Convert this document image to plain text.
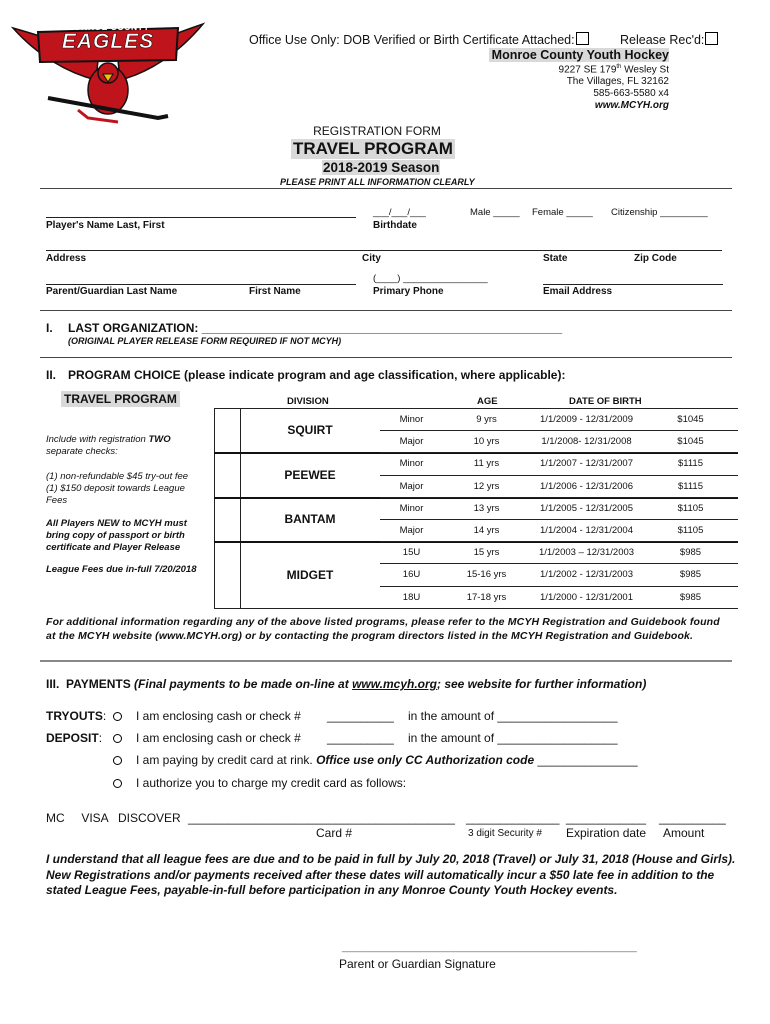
MONROE COUNTY
EAGLES	Office Use Only: DOB Verified or Birth Certificate Attached:	Release Rec'd:
Monroe County Youth Hockey
9227 SE 179th Wesley St
The Villages, FL 32162
585-663-5580 x4
www.MCYH.org
REGISTRATION FORM
TRAVEL PROGRAM
2018-2019 Season
PLEASE PRINT ALL INFORMATION CLEARLY
___/___/___	Male _____ Female _____ Citizenship _________
Player's Name Last, First	Birthdate
Address	City	State	Zip Code
(____) ________________
Parent/Guardian Last Name	First Name	Primary Phone	Email Address
I. LAST ORGANIZATION: ______________________________________________________
(ORIGINAL PLAYER RELEASE FORM REQUIRED IF NOT MCYH)
II. PROGRAM CHOICE (please indicate program and age classification, where applicable):
TRAVEL PROGRAM	DIVISION	AGE	DATE OF BIRTH
Include with registration TWO separate checks:
(1) non-refundable $45 try-out fee
(1) $150 deposit towards League Fees
All Players NEW to MCYH must bring copy of passport or birth certificate and Player Release
League Fees due in-full 7/20/2018
SQUIRT
PEEWEE
BANTAM
MIDGET
Minor	9 yrs	1/1/2009 - 12/31/2009	$1045
Major	10 yrs	1/1/2008- 12/31/2008	$1045
Minor	11 yrs	1/1/2007 - 12/31/2007	$1115
Major	12 yrs	1/1/2006 - 12/31/2006	$1115
Minor	13 yrs	1/1/2005 - 12/31/2005	$1105
Major	14 yrs	1/1/2004 - 12/31/2004	$1105
15U	15 yrs	1/1/2003 – 12/31/2003	$985
16U	15-16 yrs	1/1/2002 - 12/31/2003	$985
18U	17-18 yrs	1/1/2000 - 12/31/2001	$985
For additional information regarding any of the above listed programs, please refer to the MCYH Registration and Guidebook found at the MCYH website (www.MCYH.org) or by contacting the program directors listed in the MCYH Registration and Guidebook.
III. PAYMENTS (Final payments to be made on-line at www.mcyh.org; see website for further information)
TRYOUTS: I am enclosing cash or check # __________ in the amount of __________________
DEPOSIT:	I am enclosing cash or check # __________ in the amount of __________________
I am paying by credit card at rink. Office use only CC Authorization code _______________
I authorize you to charge my credit card as follows:
MC     VISA   DISCOVER ________________________________________ ______________ ____________ __________
Card #	3 digit Security # Expiration date Amount
I understand that all league fees are due and to be paid in full by July 20, 2018 (Travel) or July 31, 2018 (House and Girls). New Registrations and/or payments received after these dates will automatically incur a $50 late fee in addition to the stated League Fees, payable-in-full before participation in any Monroe County Youth Hockey events.
_____________________________________________________
Parent or Guardian Signature
